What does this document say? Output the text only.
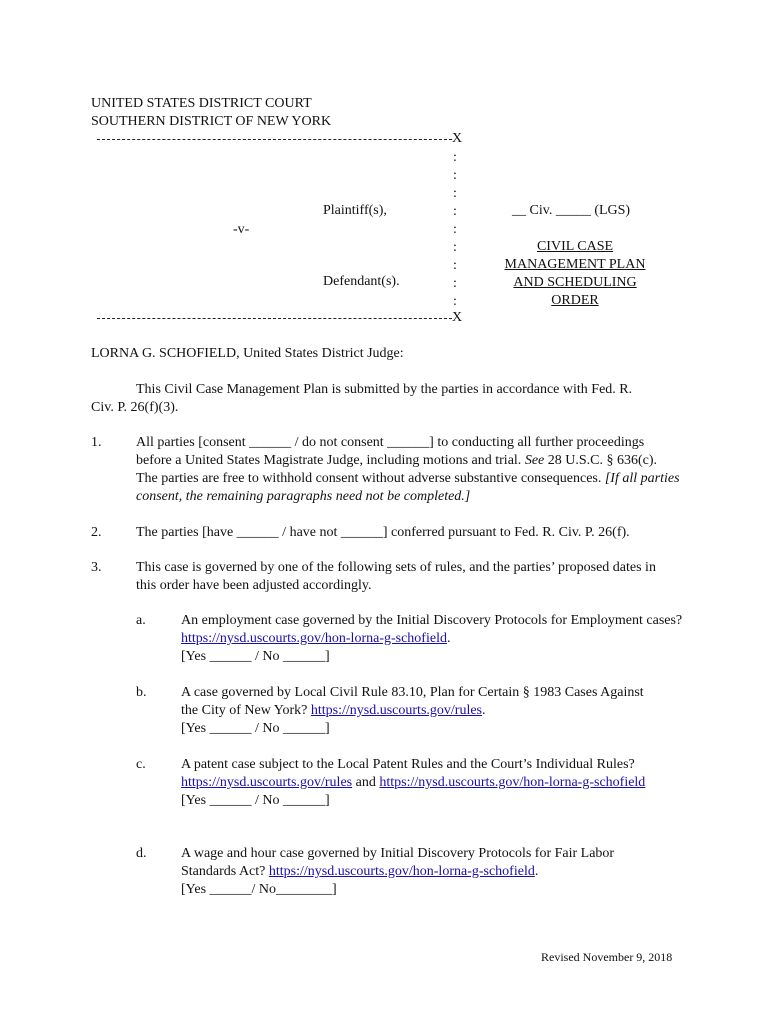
UNITED STATES DISTRICT COURT
SOUTHERN DISTRICT OF NEW YORK
X
:
:
:
:
:
:
:
:
:
Plaintiff(s),
-v-
Defendant(s).
__ Civ. _____ (LGS)
CIVIL CASE
MANAGEMENT PLAN
AND SCHEDULING
ORDER
X
LORNA G. SCHOFIELD, United States District Judge:
This Civil Case Management Plan is submitted by the parties in accordance with Fed. R. Civ. P. 26(f)(3).
1. All parties [consent ______ / do not consent ______] to conducting all further proceedings before a United States Magistrate Judge, including motions and trial. See 28 U.S.C. § 636(c). The parties are free to withhold consent without adverse substantive consequences. [If all parties consent, the remaining paragraphs need not be completed.]
2. The parties [have ______ / have not ______] conferred pursuant to Fed. R. Civ. P. 26(f).
3. This case is governed by one of the following sets of rules, and the parties’ proposed dates in this order have been adjusted accordingly.
a.	An employment case governed by the Initial Discovery Protocols for Employment cases? https://nysd.uscourts.gov/hon-lorna-g-schofield.
[Yes ______ / No ______]
b. A case governed by Local Civil Rule 83.10, Plan for Certain § 1983 Cases Against the City of New York? https://nysd.uscourts.gov/rules.
[Yes ______ / No ______]
c.	A patent case subject to the Local Patent Rules and the Court’s Individual Rules? https://nysd.uscourts.gov/rules and https://nysd.uscourts.gov/hon-lorna-g-schofield
[Yes ______ / No ______]
d. A wage and hour case governed by Initial Discovery Protocols for Fair Labor Standards Act? https://nysd.uscourts.gov/hon-lorna-g-schofield.
[Yes ______/ No________]
Revised November 9, 2018
